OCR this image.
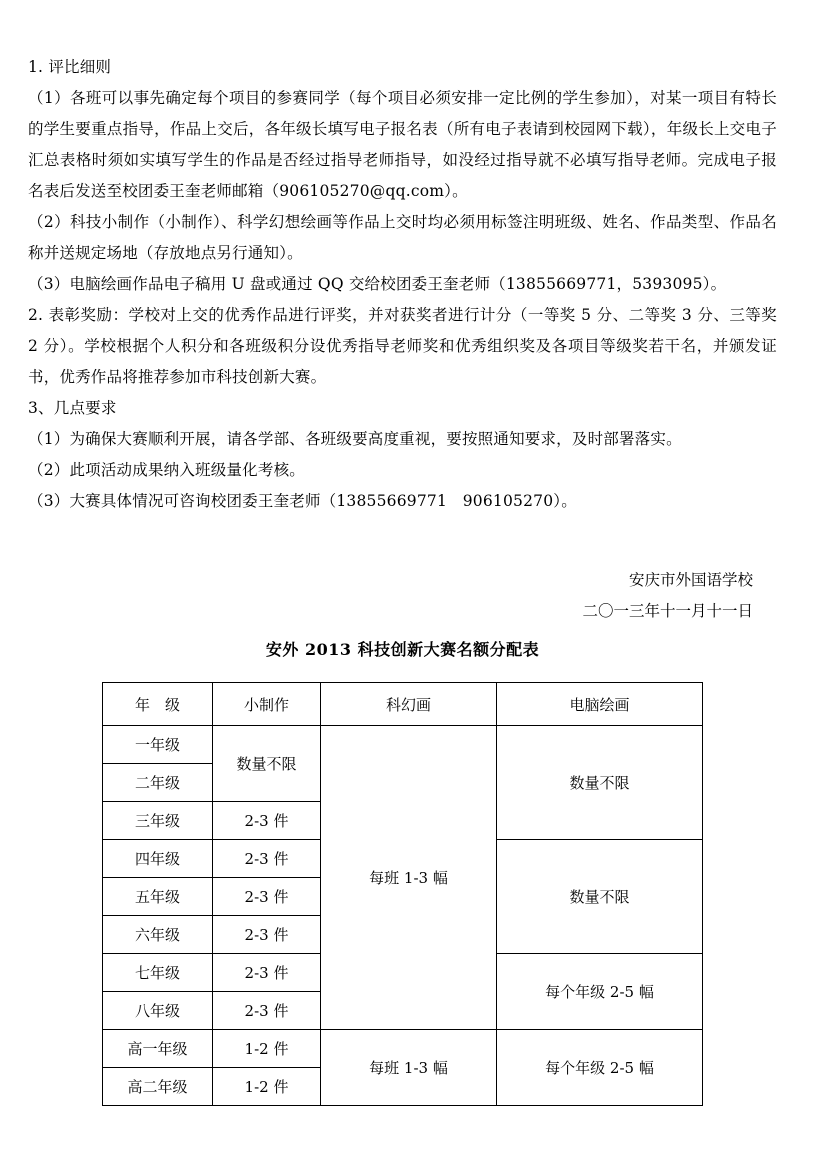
1. 评比细则

（1）各班可以事先确定每个项目的参赛同学（每个项目必须安排一定比例的学生参加），对某一项目有特长的学生要重点指导，作品上交后，各年级长填写电子报名表（所有电子表请到校园网下载），年级长上交电子汇总表格时须如实填写学生的作品是否经过指导老师指导，如没经过指导就不必填写指导老师。完成电子报名表后发送至校团委王奎老师邮箱（906105270@qq.com）。

（2）科技小制作（小制作）、科学幻想绘画等作品上交时均必须用标签注明班级、姓名、作品类型、作品名称并送规定场地（存放地点另行通知）。

（3）电脑绘画作品电子稿用 U 盘或通过 QQ 交给校团委王奎老师（13855669771，5393095）。

2. 表彰奖励：学校对上交的优秀作品进行评奖，并对获奖者进行计分（一等奖 5 分、二等奖 3 分、三等奖 2 分）。学校根据个人积分和各班级积分设优秀指导老师奖和优秀组织奖及各项目等级奖若干名，并颁发证书，优秀作品将推荐参加市科技创新大赛。

3、几点要求

（1）为确保大赛顺利开展，请各学部、各班级要高度重视，要按照通知要求，及时部署落实。

（2）此项活动成果纳入班级量化考核。

（3）大赛具体情况可咨询校团委王奎老师（13855669771　906105270）。

安庆市外国语学校
二〇一三年十一月十一日
安外 2013 科技创新大赛名额分配表
年　级	小制作	科幻画	电脑绘画
一年级	数量不限	每班 1-3 幅	数量不限
二年级			
三年级	2-3 件		
四年级	2-3 件		数量不限
五年级	2-3 件		
六年级	2-3 件		
七年级	2-3 件		每个年级 2-5 幅
八年级	2-3 件		
高一年级	1-2 件	每班 1-3 幅	每个年级 2-5 幅
高二年级	1-2 件		
